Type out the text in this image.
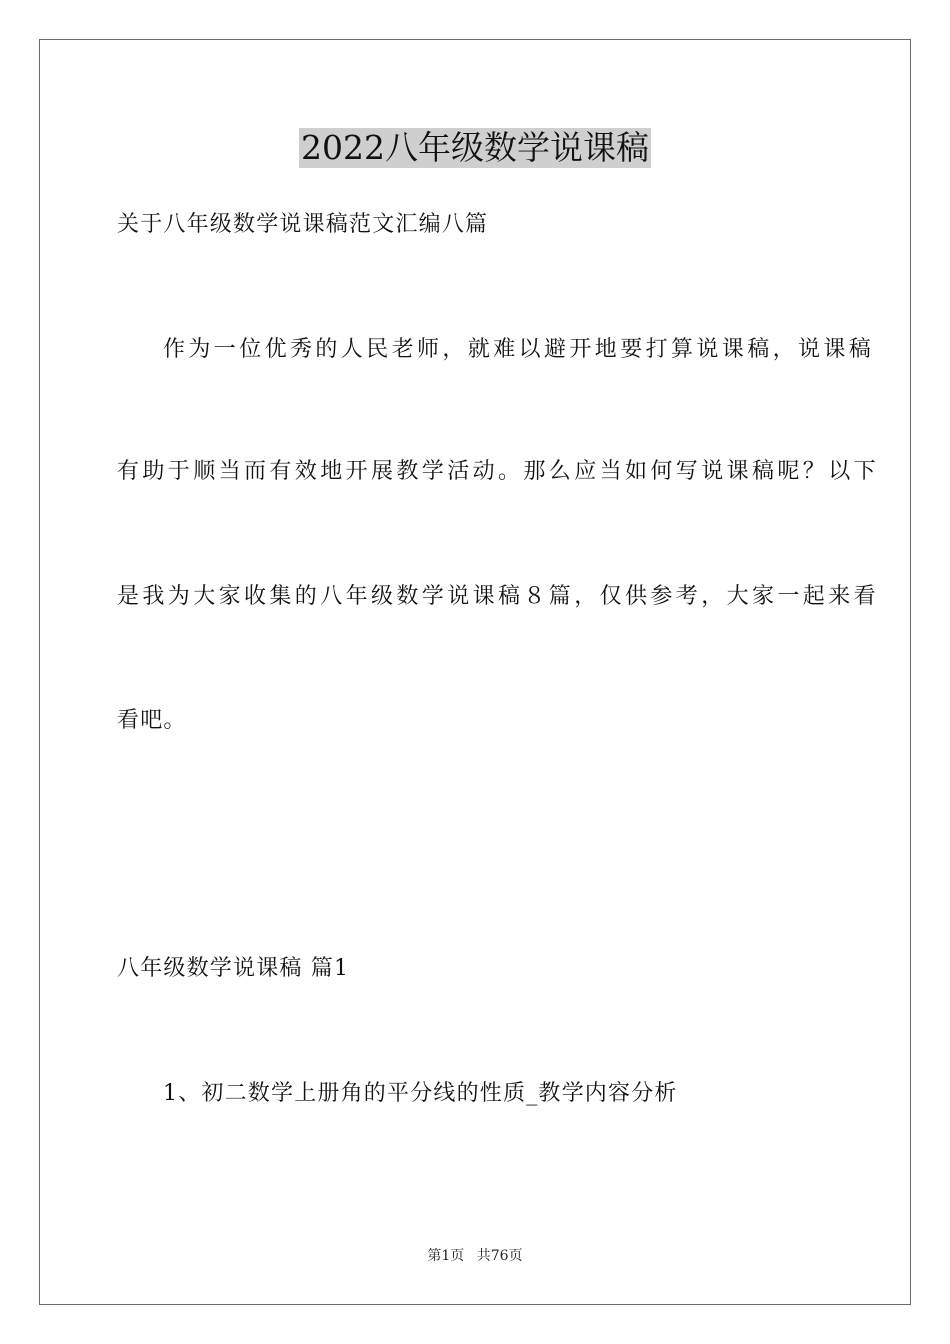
2022八年级数学说课稿
关于八年级数学说课稿范文汇编八篇
作为一位优秀的人民老师，就难以避开地要打算说课稿，说课稿
有助于顺当而有效地开展教学活动。那么应当如何写说课稿呢？以下
是我为大家收集的八年级数学说课稿８篇，仅供参考，大家一起来看
看吧。
八年级数学说课稿 篇1
1、初二数学上册角的平分线的性质_教学内容分析
第1页 共76页
